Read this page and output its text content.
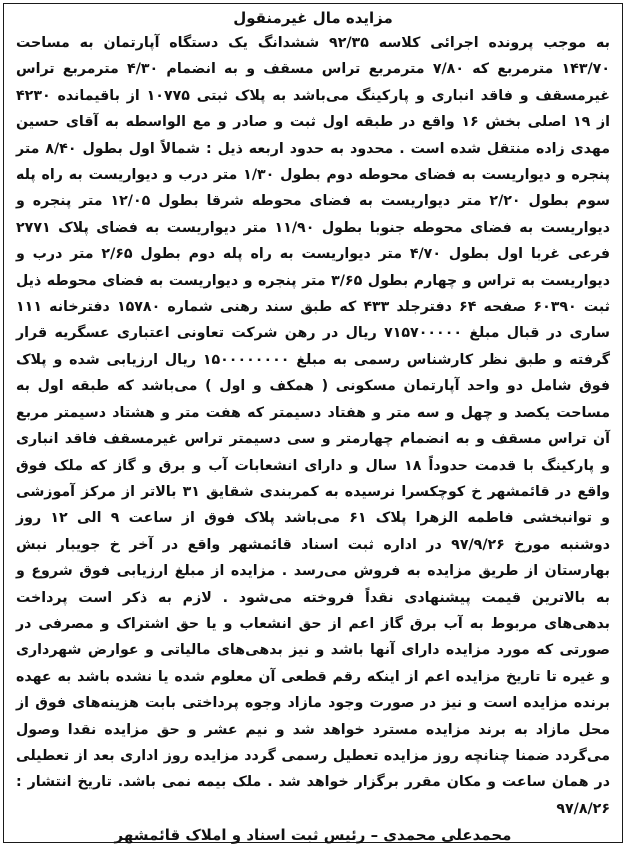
مزایده مال غیرمنقول

به موجب پرونده اجرائی کلاسه ۹۲/۳۵ ششدانگ یک دستگاه آپارتمان به مساحت ۱۴۳/۷۰ مترمربع که ۷/۸۰ مترمربع تراس مسقف و به انضمام ۴/۳۰ مترمربع تراس غیرمسقف و فاقد انباری و پارکینگ می‌باشد به پلاک ثبتی ۱۰۷۷۵ از باقیمانده ۴۲۳۰ از ۱۹ اصلی بخش ۱۶ واقع در طبقه اول ثبت و صادر و مع الواسطه به آقای حسین مهدی زاده منتقل شده است . محدود به حدود اربعه ذیل : شمالاً اول بطول ۸/۴۰ متر پنجره و دیواریست به فضای محوطه دوم بطول ۱/۳۰ متر درب و دیواریست به راه پله سوم بطول ۲/۲۰ متر دیواریست به فضای محوطه شرقا بطول ۱۲/۰۵ متر پنجره و دیواریست به فضای محوطه جنوبا بطول ۱۱/۹۰ متر دیواریست به فضای پلاک ۲۷۷۱ فرعی غربا اول بطول ۴/۷۰ متر دیواریست به راه پله دوم بطول ۲/۶۵ متر درب و دیواریست به تراس و چهارم بطول ۳/۶۵ متر پنجره و دیواریست به فضای محوطه ذیل ثبت ۶۰۳۹۰ صفحه ۶۴ دفترجلد ۴۳۳ که طبق سند رهنی شماره ۱۵۷۸۰ دفترخانه ۱۱۱ ساری در قبال مبلغ ۷۱۵۷۰۰۰۰۰ ریال در رهن شرکت تعاونی اعتباری عسگریه قرار گرفته و طبق نظر کارشناس رسمی به مبلغ ۱۵۰۰۰۰۰۰۰۰ ریال ارزیابی شده و پلاک فوق شامل دو واحد آپارتمان مسکونی ( همکف و اول ) می‌باشد که طبقه اول به مساحت یکصد و چهل و سه متر و هفتاد دسیمتر که هفت متر و هشتاد دسیمتر مربع آن تراس مسقف و به انضمام چهارمتر و سی دسیمتر تراس غیرمسقف فاقد انباری و پارکینگ با قدمت حدوداً ۱۸ سال و دارای انشعابات آب و برق و گاز که ملک فوق واقع در قائمشهر خ کوچکسرا نرسیده به کمربندی شقایق ۳۱ بالاتر از مرکز آموزشی و توانبخشی فاطمه الزهرا پلاک ۶۱ می‌باشد پلاک فوق از ساعت ۹ الی ۱۲ روز دوشنبه مورخ ۹۷/۹/۲۶ در اداره ثبت اسناد قائمشهر واقع در آخر خ جویبار نبش بهارستان از طریق مزایده به فروش می‌رسد . مزایده از مبلغ ارزیابی فوق شروع و به بالاترین قیمت پیشنهادی نقداً فروخته می‌شود . لازم به ذکر است پرداخت بدهی‌های مربوط به آب برق گاز اعم از حق انشعاب و یا حق اشتراک و مصرفی در صورتی که مورد مزایده دارای آنها باشد و نیز بدهی‌های مالیاتی و عوارض شهرداری و غیره تا تاریخ مزایده اعم از اینکه رقم قطعی آن معلوم شده یا نشده باشد به عهده برنده مزایده است و نیز در صورت وجود مازاد وجوه پرداختی بابت هزینه‌های فوق از محل مازاد به برند مزایده مسترد خواهد شد و نیم عشر و حق مزایده نقدا وصول می‌گردد ضمنا چنانچه روز مزایده تعطیل رسمی گردد مزایده روز اداری بعد از تعطیلی در همان ساعت و مکان مقرر برگزار خواهد شد . ملک بیمه نمی باشد. تاریخ انتشار : ۹۷/۸/۲۶

محمدعلی محمدی – رئیس ثبت اسناد و املاک قائمشهر
